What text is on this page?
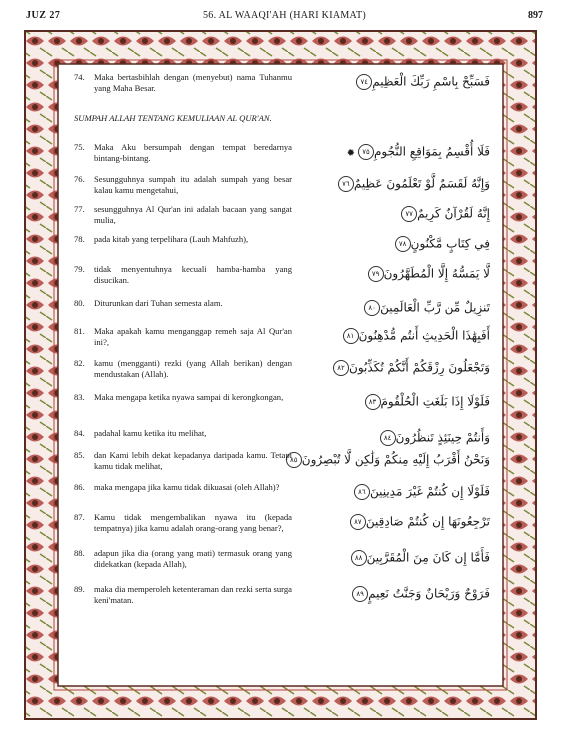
JUZ 27	56. AL WAAQI'AH (HARI KIAMAT)	897
SUMPAH ALLAH TENTANG KEMULIAAN AL QUR'AN.
74.	Maka bertasbihlah dengan (menyebut) nama Tuhanmu yang Maha Besar.	فَسَبِّحْ بِاسْمِ رَبِّكَ الْعَظِيمِ٧٤
75.	Maka Aku bersumpah dengan tempat beredarnya bintang-bintang.	فَلَا أُقْسِمُ بِمَوَاقِعِ النُّجُومِ٧٥✹
76.	Sesungguhnya sumpah itu adalah sumpah yang besar kalau kamu mengetahui,	وَإِنَّهُ لَقَسَمٌ لَّوْ تَعْلَمُونَ عَظِيمٌ٧٦
77.	sesungguhnya Al Qur'an ini adalah bacaan yang sangat mulia,	إِنَّهُ لَقُرْآنٌ كَرِيمٌ٧٧
78.	pada kitab yang terpelihara (Lauh Mahfuzh),	فِي كِتَابٍ مَّكْنُونٍ٧٨
79.	tidak menyentuhnya kecuali hamba-hamba yang disucikan.	لَّا يَمَسُّهُ إِلَّا الْمُطَهَّرُونَ٧٩
80.	Diturunkan dari Tuhan semesta alam.	تَنزِيلٌ مِّن رَّبِّ الْعَالَمِينَ٨٠
81.	Maka apakah kamu menganggap remeh saja Al Qur'an ini?,	أَفَبِهَٰذَا الْحَدِيثِ أَنتُم مُّدْهِنُونَ٨١
82.	kamu (mengganti) rezki (yang Allah berikan) dengan mendustakan (Allah).	وَتَجْعَلُونَ رِزْقَكُمْ أَنَّكُمْ تُكَذِّبُونَ٨٢
83.	Maka mengapa ketika nyawa sampai di kerongkongan,	فَلَوْلَا إِذَا بَلَغَتِ الْحُلْقُومَ٨٣
84.	padahal kamu ketika itu melihat,	وَأَنتُمْ حِينَئِذٍ تَنظُرُونَ٨٤
85.	dan Kami lebih dekat kepadanya daripada kamu. Tetapi kamu tidak melihat,	وَنَحْنُ أَقْرَبُ إِلَيْهِ مِنكُمْ وَلَٰكِن لَّا تُبْصِرُونَ٨٥
86.	maka mengapa jika kamu tidak dikuasai (oleh Allah)?	فَلَوْلَا إِن كُنتُمْ غَيْرَ مَدِينِينَ٨٦
87.	Kamu tidak mengembalikan nyawa itu (kepada tempatnya) jika kamu adalah orang-orang yang benar?,	تَرْجِعُونَهَا إِن كُنتُمْ صَادِقِينَ٨٧
88.	adapun jika dia (orang yang mati) termasuk orang yang didekatkan (kepada Allah),	فَأَمَّا إِن كَانَ مِنَ الْمُقَرَّبِينَ٨٨
89.	maka dia memperoleh ketenteraman dan rezki serta surga keni'matan.	فَرَوْحٌ وَرَيْحَانٌ وَجَنَّتُ نَعِيمٍ٨٩
